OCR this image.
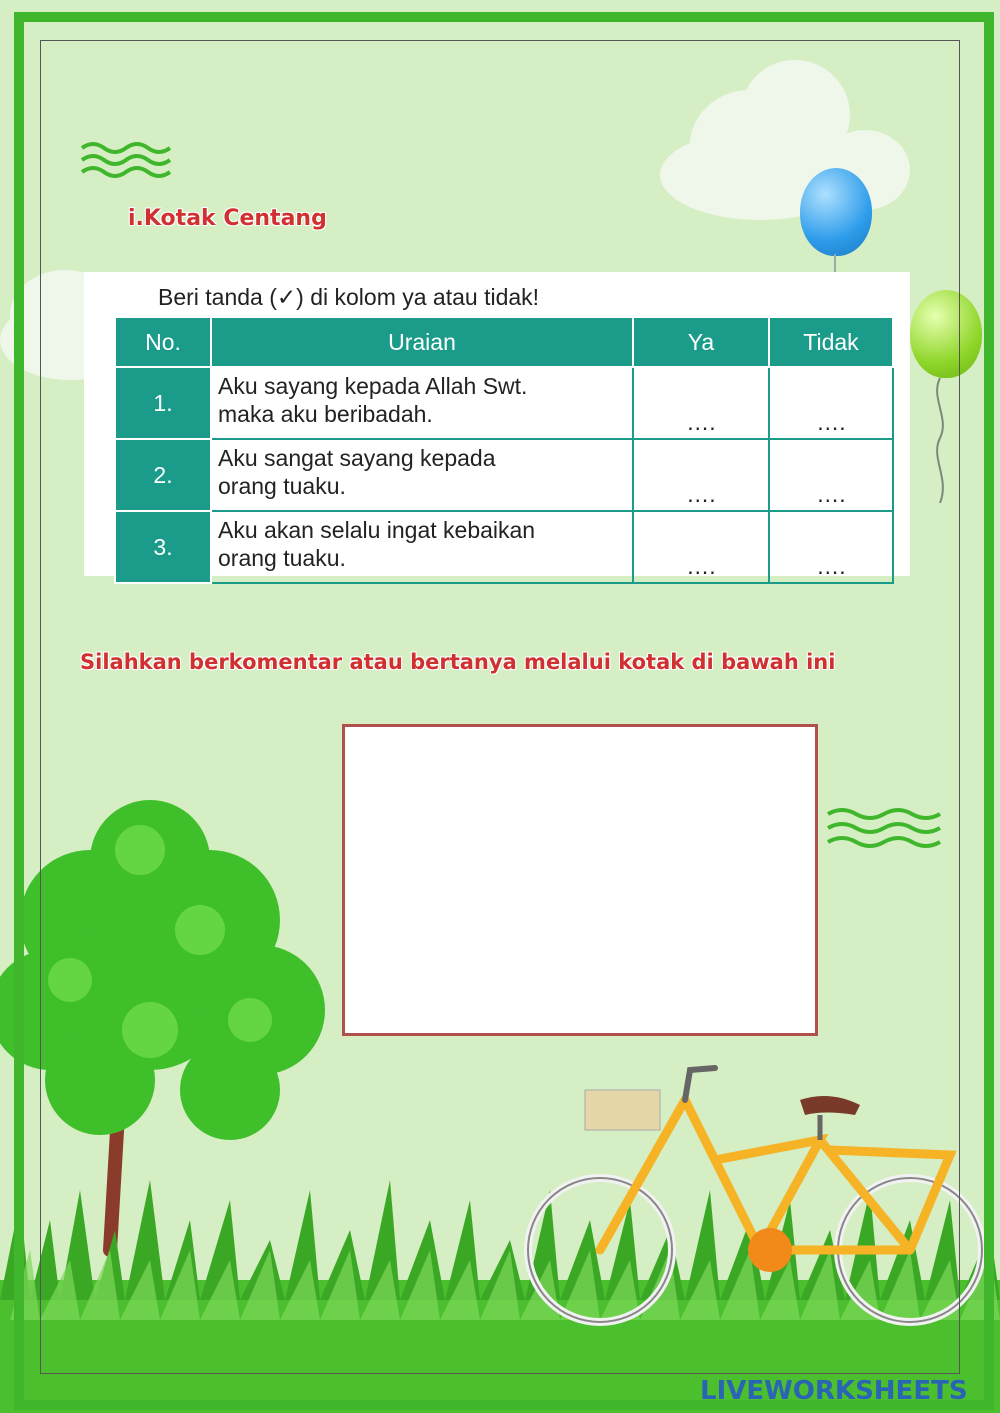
i.Kotak Centang
Beri tanda (✓) di kolom ya atau tidak!
No.	Uraian	Ya	Tidak
1.	Aku sayang kepada Allah Swt.
maka aku beribadah.	….	….
2.	Aku sangat sayang kepada
orang tuaku.	….	….
3.	Aku akan selalu ingat kebaikan
orang tuaku.	….	….
Silahkan berkomentar atau bertanya melalui kotak di bawah ini
LIVEWORKSHEETS
